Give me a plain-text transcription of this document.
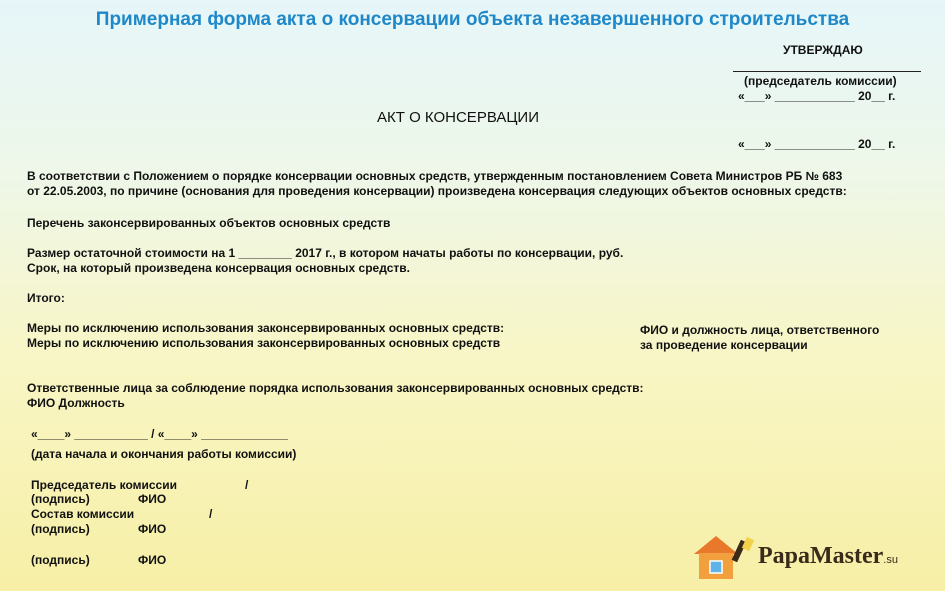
Примерная форма акта о консервации объекта незавершенного строительства
УТВЕРЖДАЮ
(председатель комиссии)
«___» ____________ 20__ г.
АКТ О КОНСЕРВАЦИИ
«___» ____________ 20__ г.
В соответствии с Положением о порядке консервации основных средств, утвержденным постановлением Совета Министров РБ № 683
от 22.05.2003, по причине (основания для проведения консервации) произведена консервация следующих объектов основных средств:
Перечень законсервированных объектов основных средств
Размер остаточной стоимости на 1 ________ 2017 г., в котором начаты работы по консервации, руб.
Срок, на который произведена консервация основных средств.
Итого:
Меры по исключению использования законсервированных основных средств:
Меры по исключению использования законсервированных основных средств
ФИО и должность лица, ответственного
за проведение консервации
Ответственные лица за соблюдение порядка использования законсервированных основных средств:
ФИО Должность
«____» ___________ / «____» _____________
(дата начала и окончания работы комиссии)
Председатель комиссии	/
(подпись)	ФИО
Состав комиссии	/
(подпись)	ФИО
(подпись)	ФИО	PapaMaster.su
